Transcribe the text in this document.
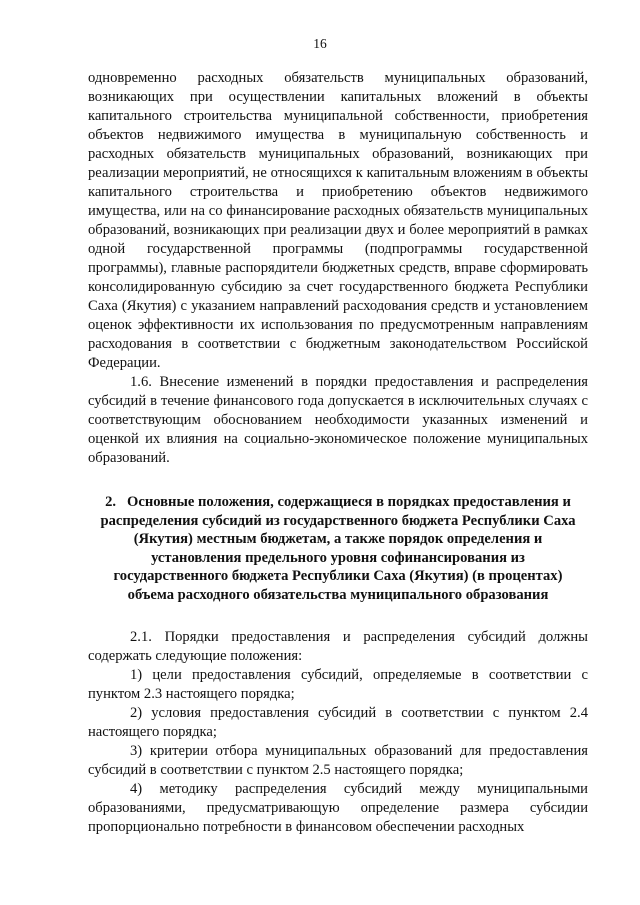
16

одновременно расходных обязательств муниципальных образований, возникающих при осуществлении капитальных вложений в объекты капитального строительства муниципальной собственности, приобретения объектов недвижимого имущества в муниципальную собственность и расходных обязательств муниципальных образований, возникающих при реализации мероприятий, не относящихся к капитальным вложениям в объекты капитального строительства и приобретению объектов недвижимого имущества, или на со финансирование расходных обязательств муниципальных образований, возникающих при реализации двух и более мероприятий в рамках одной государственной программы (подпрограммы государственной программы), главные распорядители бюджетных средств, вправе сформировать консолидированную субсидию за счет государственного бюджета Республики Саха (Якутия) с указанием направлений расходования средств и установлением оценок эффективности их использования по предусмотренным направлениям расходования в соответствии с бюджетным законодательством Российской Федерации.

1.6. Внесение изменений в порядки предоставления и распределения субсидий в течение финансового года допускается в исключительных случаях с соответствующим обоснованием необходимости указанных изменений и оценкой их влияния на социально-экономическое положение муниципальных образований.

2.   Основные положения, содержащиеся в порядках предоставления и распределения субсидий из государственного бюджета Республики Саха (Якутия) местным бюджетам, а также порядок определения и установления предельного уровня софинансирования из государственного бюджета Республики Саха (Якутия) (в процентах) объема расходного обязательства муниципального образования

2.1. Порядки предоставления и распределения субсидий должны содержать следующие положения:

1) цели предоставления субсидий, определяемые в соответствии с пунктом 2.3 настоящего порядка;

2) условия предоставления субсидий в соответствии с пунктом 2.4 настоящего порядка;

3) критерии отбора муниципальных образований для предоставления субсидий в соответствии с пунктом 2.5 настоящего порядка;

4) методику распределения субсидий между муниципальными образованиями, предусматривающую определение размера субсидии пропорционально потребности в финансовом обеспечении расходных
